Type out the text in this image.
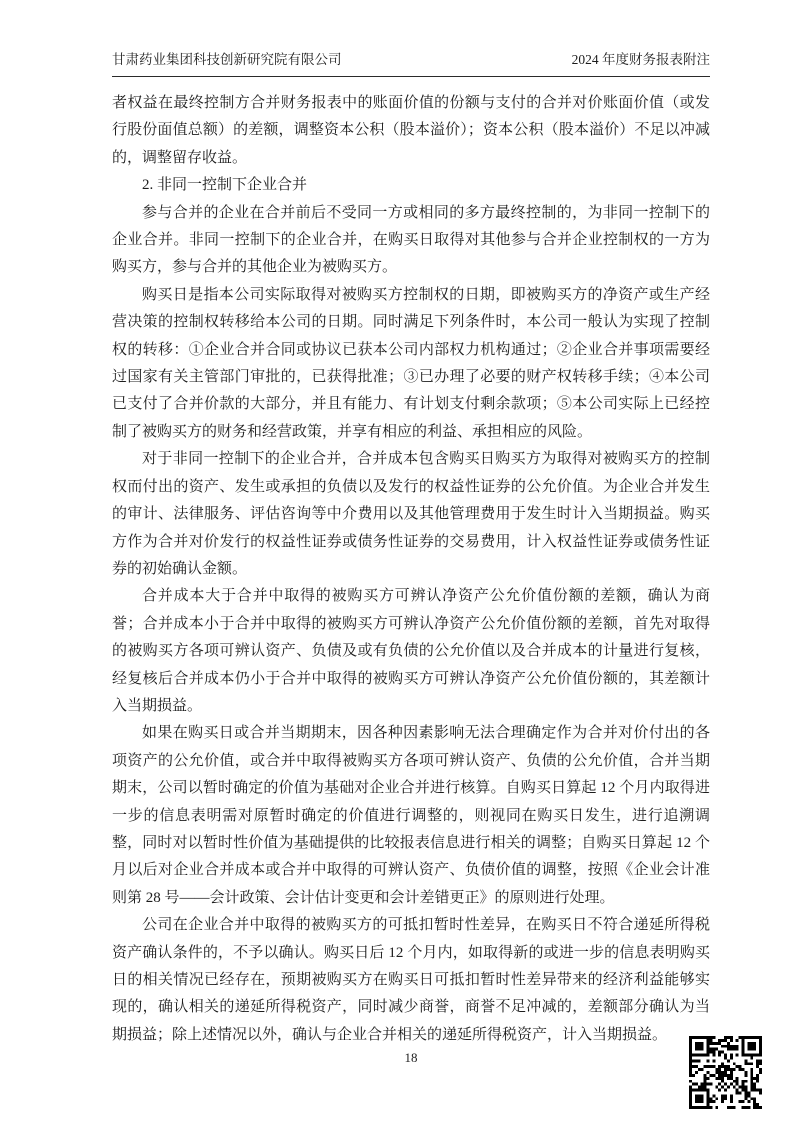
甘肃药业集团科技创新研究院有限公司	2024 年度财务报表附注

者权益在最终控制方合并财务报表中的账面价值的份额与支付的合并对价账面价值（或发行股份面值总额）的差额，调整资本公积（股本溢价）；资本公积（股本溢价）不足以冲减的，调整留存收益。

2. 非同一控制下企业合并

参与合并的企业在合并前后不受同一方或相同的多方最终控制的，为非同一控制下的企业合并。非同一控制下的企业合并，在购买日取得对其他参与合并企业控制权的一方为购买方，参与合并的其他企业为被购买方。

购买日是指本公司实际取得对被购买方控制权的日期，即被购买方的净资产或生产经营决策的控制权转移给本公司的日期。同时满足下列条件时，本公司一般认为实现了控制权的转移：①企业合并合同或协议已获本公司内部权力机构通过；②企业合并事项需要经过国家有关主管部门审批的，已获得批准；③已办理了必要的财产权转移手续；④本公司已支付了合并价款的大部分，并且有能力、有计划支付剩余款项；⑤本公司实际上已经控制了被购买方的财务和经营政策，并享有相应的利益、承担相应的风险。

对于非同一控制下的企业合并，合并成本包含购买日购买方为取得对被购买方的控制权而付出的资产、发生或承担的负债以及发行的权益性证券的公允价值。为企业合并发生的审计、法律服务、评估咨询等中介费用以及其他管理费用于发生时计入当期损益。购买方作为合并对价发行的权益性证券或债务性证券的交易费用，计入权益性证券或债务性证券的初始确认金额。

合并成本大于合并中取得的被购买方可辨认净资产公允价值份额的差额，确认为商誉；合并成本小于合并中取得的被购买方可辨认净资产公允价值份额的差额，首先对取得的被购买方各项可辨认资产、负债及或有负债的公允价值以及合并成本的计量进行复核，经复核后合并成本仍小于合并中取得的被购买方可辨认净资产公允价值份额的，其差额计入当期损益。

如果在购买日或合并当期期末，因各种因素影响无法合理确定作为合并对价付出的各项资产的公允价值，或合并中取得被购买方各项可辨认资产、负债的公允价值，合并当期期末，公司以暂时确定的价值为基础对企业合并进行核算。自购买日算起 12 个月内取得进一步的信息表明需对原暂时确定的价值进行调整的，则视同在购买日发生，进行追溯调整，同时对以暂时性价值为基础提供的比较报表信息进行相关的调整；自购买日算起 12 个月以后对企业合并成本或合并中取得的可辨认资产、负债价值的调整，按照《企业会计准则第 28 号——会计政策、会计估计变更和会计差错更正》的原则进行处理。

公司在企业合并中取得的被购买方的可抵扣暂时性差异，在购买日不符合递延所得税资产确认条件的，不予以确认。购买日后 12 个月内，如取得新的或进一步的信息表明购买日的相关情况已经存在，预期被购买方在购买日可抵扣暂时性差异带来的经济利益能够实现的，确认相关的递延所得税资产，同时减少商誉，商誉不足冲减的，差额部分确认为当期损益；除上述情况以外，确认与企业合并相关的递延所得税资产，计入当期损益。

18
